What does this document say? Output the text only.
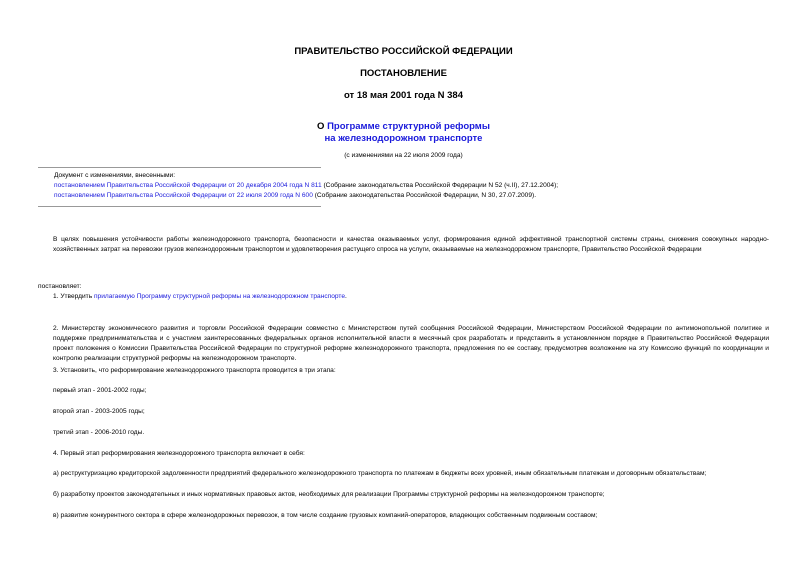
ПРАВИТЕЛЬСТВО РОССИЙСКОЙ ФЕДЕРАЦИИ
ПОСТАНОВЛЕНИЕ
от 18 мая 2001 года N 384
О Программе структурной реформы
на железнодорожном транспорте
(с изменениями на 22 июля 2009 года)
Документ с изменениями, внесенными:
постановлением Правительства Российской Федерации от 20 декабря 2004 года N 811 (Собрание законодательства Российской Федерации N 52 (ч.II), 27.12.2004);
постановлением Правительства Российской Федерации от 22 июля 2009 года N 600 (Собрание законодательства Российской Федерации, N 30, 27.07.2009).
В целях повышения устойчивости работы железнодорожного транспорта, безопасности и качества оказываемых услуг, формирования единой эффективной транспортной системы страны, снижения совокупных народно-хозяйственных затрат на перевозки грузов железнодорожным транспортом и удовлетворения растущего спроса на услуги, оказываемые на железнодорожном транспорте, Правительство Российской Федерации
постановляет:
1. Утвердить прилагаемую Программу структурной реформы на железнодорожном транспорте.
2. Министерству экономического развития и торговли Российской Федерации совместно с Министерством путей сообщения Российской Федерации, Министерством Российской Федерации по антимонопольной политике и поддержке предпринимательства и с участием заинтересованных федеральных органов исполнительной власти в месячный срок разработать и представить в установленном порядке в Правительство Российской Федерации проект положения о Комиссии Правительства Российской Федерации по структурной реформе железнодорожного транспорта, предложения по ее составу, предусмотрев возложение на эту Комиссию функций по координации и контролю реализации структурной реформы на железнодорожном транспорте.
3. Установить, что реформирование железнодорожного транспорта проводится в три этапа:
первый этап - 2001-2002 годы;
второй этап - 2003-2005 годы;
третий этап - 2006-2010 годы.
4. Первый этап реформирования железнодорожного транспорта включает в себя:
а) реструктуризацию кредиторской задолженности предприятий федерального железнодорожного транспорта по платежам в бюджеты всех уровней, иным обязательным платежам и договорным обязательствам;
б) разработку проектов законодательных и иных нормативных правовых актов, необходимых для реализации Программы структурной реформы на железнодорожном транспорте;
в) развитие конкурентного сектора в сфере железнодорожных перевозок, в том числе создание грузовых компаний-операторов, владеющих собственным подвижным составом;
